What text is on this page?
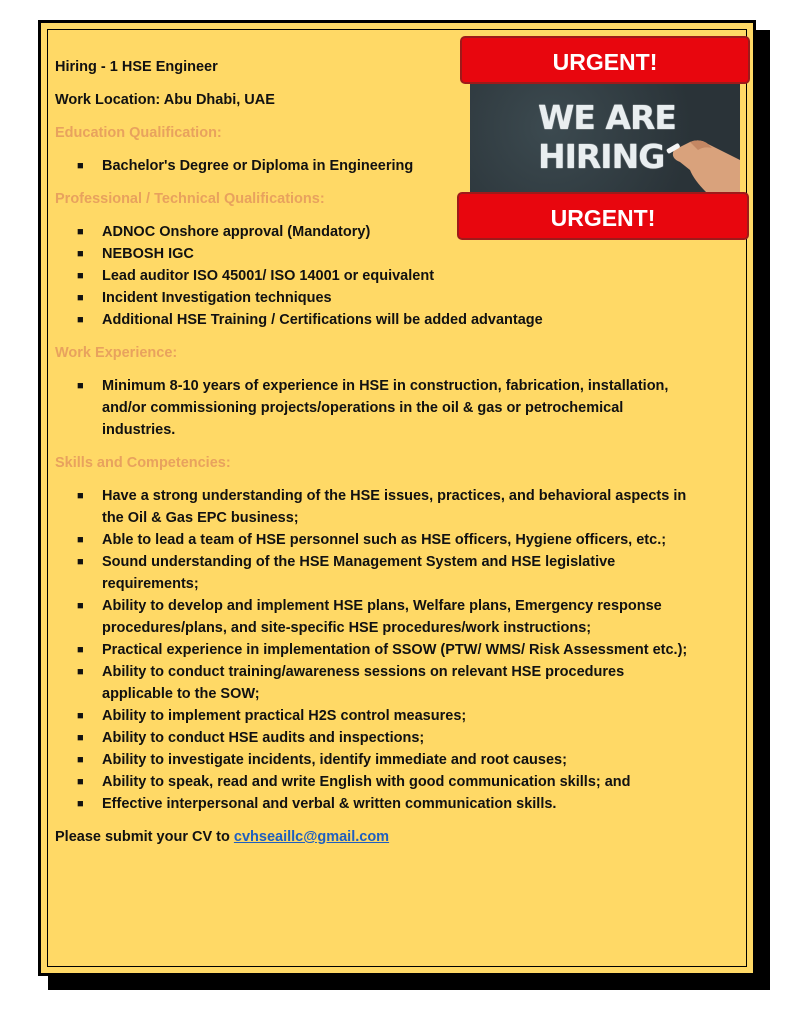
Hiring - 1 HSE Engineer
Work Location: Abu Dhabi, UAE
Education Qualification:
■ Bachelor's Degree or Diploma in Engineering
Professional / Technical Qualifications:
■ ADNOC Onshore approval (Mandatory)
■ NEBOSH IGC
■ Lead auditor ISO 45001/ ISO 14001 or equivalent
■ Incident Investigation techniques
■ Additional HSE Training / Certifications will be added advantage
Work Experience:
■ Minimum 8-10 years of experience in HSE in construction, fabrication, installation, and/or commissioning projects/operations in the oil & gas or petrochemical industries.
Skills and Competencies:
■ Have a strong understanding of the HSE issues, practices, and behavioral aspects in the Oil & Gas EPC business;
■ Able to lead a team of HSE personnel such as HSE officers, Hygiene officers, etc.;
■ Sound understanding of the HSE Management System and HSE legislative requirements;
■ Ability to develop and implement HSE plans, Welfare plans, Emergency response procedures/plans, and site-specific HSE procedures/work instructions;
■ Practical experience in implementation of SSOW (PTW/ WMS/ Risk Assessment etc.);
■ Ability to conduct training/awareness sessions on relevant HSE procedures applicable to the SOW;
■ Ability to implement practical H2S control measures;
■ Ability to conduct HSE audits and inspections;
■ Ability to investigate incidents, identify immediate and root causes;
■ Ability to speak, read and write English with good communication skills; and
■ Effective interpersonal and verbal & written communication skills.
Please submit your CV to cvhseaillc@gmail.com
URGENT!
WE ARE
HIRING
URGENT!
